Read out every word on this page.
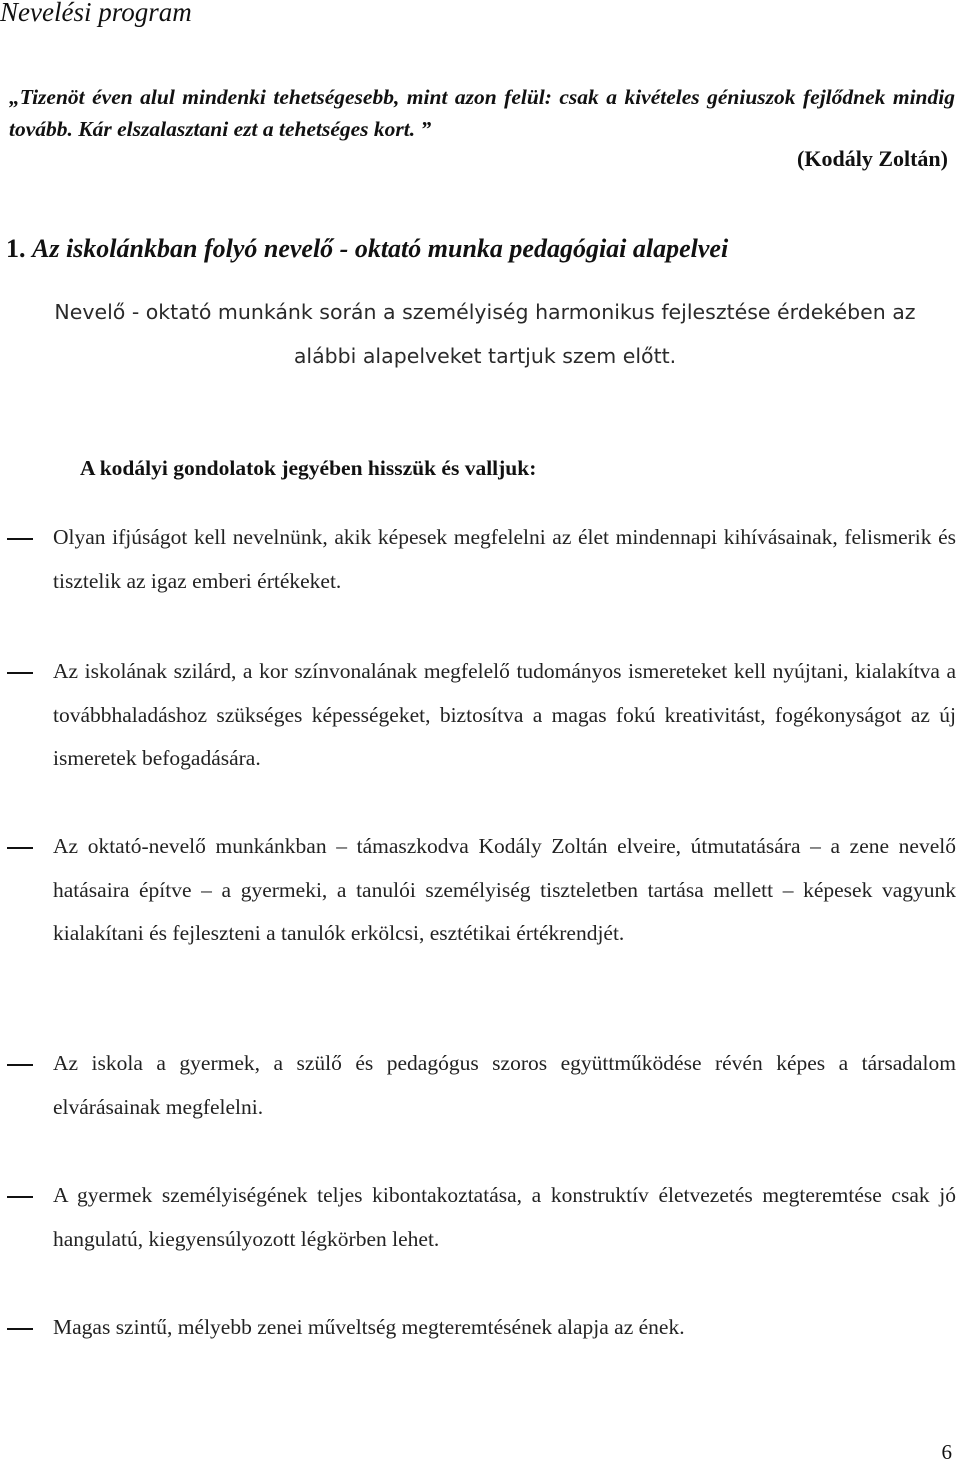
Nevelési program
„Tizenöt éven alul mindenki tehetségesebb, mint azon felül: csak a kivételes géniuszok fejlődnek mindig tovább. Kár elszalasztani ezt a tehetséges kort. ”
(Kodály Zoltán)
1. Az iskolánkban folyó nevelő - oktató munka pedagógiai alapelvei
Nevelő - oktató munkánk során a személyiség harmonikus fejlesztése érdekében az alábbi alapelveket tartjuk szem előtt.
A kodályi gondolatok jegyében hisszük és valljuk:
Olyan ifjúságot kell nevelnünk, akik képesek megfelelni az élet mindennapi kihívásainak, felismerik és tisztelik az igaz emberi értékeket.
Az iskolának szilárd, a kor színvonalának megfelelő tudományos ismereteket kell nyújtani, kialakítva a továbbhaladáshoz szükséges képességeket, biztosítva a magas fokú kreativitást, fogékonyságot az új ismeretek befogadására.
Az oktató-nevelő munkánkban – támaszkodva Kodály Zoltán elveire, útmutatására – a zene nevelő hatásaira építve – a gyermeki, a tanulói személyiség tiszteletben tartása mellett – képesek vagyunk kialakítani és fejleszteni a tanulók erkölcsi, esztétikai értékrendjét.
Az iskola a gyermek, a szülő és pedagógus szoros együttműködése révén képes a társadalom elvárásainak megfelelni.
A gyermek személyiségének teljes kibontakoztatása, a konstruktív életvezetés megteremtése csak jó hangulatú, kiegyensúlyozott légkörben lehet.
Magas szintű, mélyebb zenei műveltség megteremtésének alapja az ének.
6
